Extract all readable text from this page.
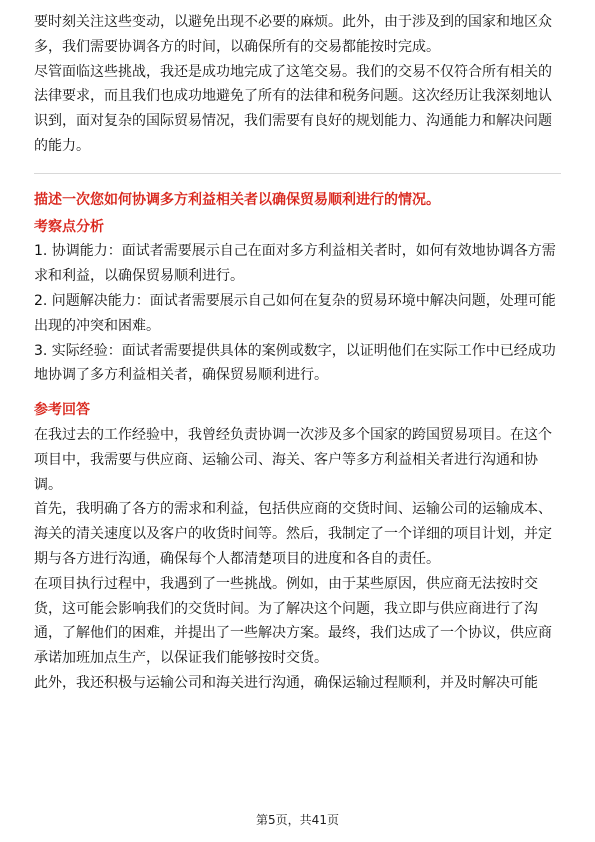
要时刻关注这些变动，以避免出现不必要的麻烦。此外，由于涉及到的国家和地区众多，我们需要协调各方的时间，以确保所有的交易都能按时完成。

尽管面临这些挑战，我还是成功地完成了这笔交易。我们的交易不仅符合所有相关的法律要求，而且我们也成功地避免了所有的法律和税务问题。这次经历让我深刻地认识到，面对复杂的国际贸易情况，我们需要有良好的规划能力、沟通能力和解决问题的能力。

描述一次您如何协调多方利益相关者以确保贸易顺利进行的情况。

考察点分析

1. 协调能力：面试者需要展示自己在面对多方利益相关者时，如何有效地协调各方需求和利益，以确保贸易顺利进行。

2. 问题解决能力：面试者需要展示自己如何在复杂的贸易环境中解决问题，处理可能出现的冲突和困难。

3. 实际经验：面试者需要提供具体的案例或数字，以证明他们在实际工作中已经成功地协调了多方利益相关者，确保贸易顺利进行。

参考回答

在我过去的工作经验中，我曾经负责协调一次涉及多个国家的跨国贸易项目。在这个项目中，我需要与供应商、运输公司、海关、客户等多方利益相关者进行沟通和协调。

首先，我明确了各方的需求和利益，包括供应商的交货时间、运输公司的运输成本、海关的清关速度以及客户的收货时间等。然后，我制定了一个详细的项目计划，并定期与各方进行沟通，确保每个人都清楚项目的进度和各自的责任。

在项目执行过程中，我遇到了一些挑战。例如，由于某些原因，供应商无法按时交货，这可能会影响我们的交货时间。为了解决这个问题，我立即与供应商进行了沟通，了解他们的困难，并提出了一些解决方案。最终，我们达成了一个协议，供应商承诺加班加点生产，以保证我们能够按时交货。

此外，我还积极与运输公司和海关进行沟通，确保运输过程顺利，并及时解决可能

第5页，共41页
